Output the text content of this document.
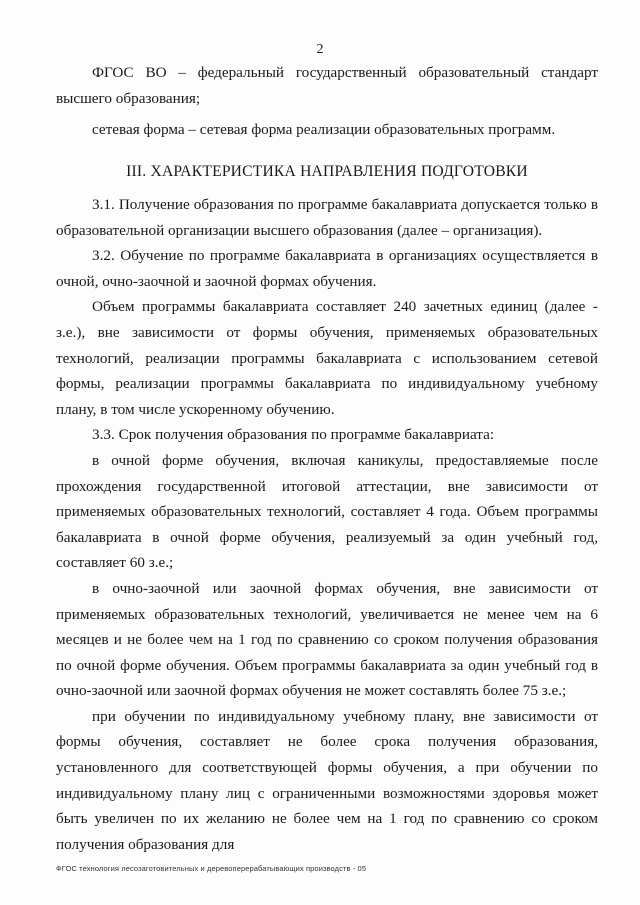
2

ФГОС ВО – федеральный государственный образовательный стандарт высшего образования;

сетевая форма – сетевая форма реализации образовательных программ.

III. ХАРАКТЕРИСТИКА НАПРАВЛЕНИЯ ПОДГОТОВКИ

3.1. Получение образования по программе бакалавриата допускается только в образовательной организации высшего образования (далее – организация).

3.2. Обучение по программе бакалавриата в организациях осуществляется в очной, очно-заочной и заочной формах обучения.

Объем программы бакалавриата составляет 240 зачетных единиц (далее - з.е.), вне зависимости от формы обучения, применяемых образовательных технологий, реализации программы бакалавриата с использованием сетевой формы, реализации программы бакалавриата по индивидуальному учебному плану, в том числе ускоренному обучению.

3.3. Срок получения образования по программе бакалавриата:

в очной форме обучения, включая каникулы, предоставляемые после прохождения государственной итоговой аттестации, вне зависимости от применяемых образовательных технологий, составляет 4 года. Объем программы бакалавриата в очной форме обучения, реализуемый за один учебный год, составляет 60 з.е.;

в очно-заочной или заочной формах обучения, вне зависимости от применяемых образовательных технологий, увеличивается не менее чем на 6 месяцев и не более чем на 1 год по сравнению со сроком получения образования по очной форме обучения. Объем программы бакалавриата за один учебный год в очно-заочной или заочной формах обучения не может составлять более 75 з.е.;

при обучении по индивидуальному учебному плану, вне зависимости от формы обучения, составляет не более срока получения образования, установленного для соответствующей формы обучения, а при обучении по индивидуальному плану лиц с ограниченными возможностями здоровья может быть увеличен по их желанию не более чем на 1 год по сравнению со сроком получения образования для

ФГОС технология лесозаготовительных и деревоперерабатывающих производств - 05
